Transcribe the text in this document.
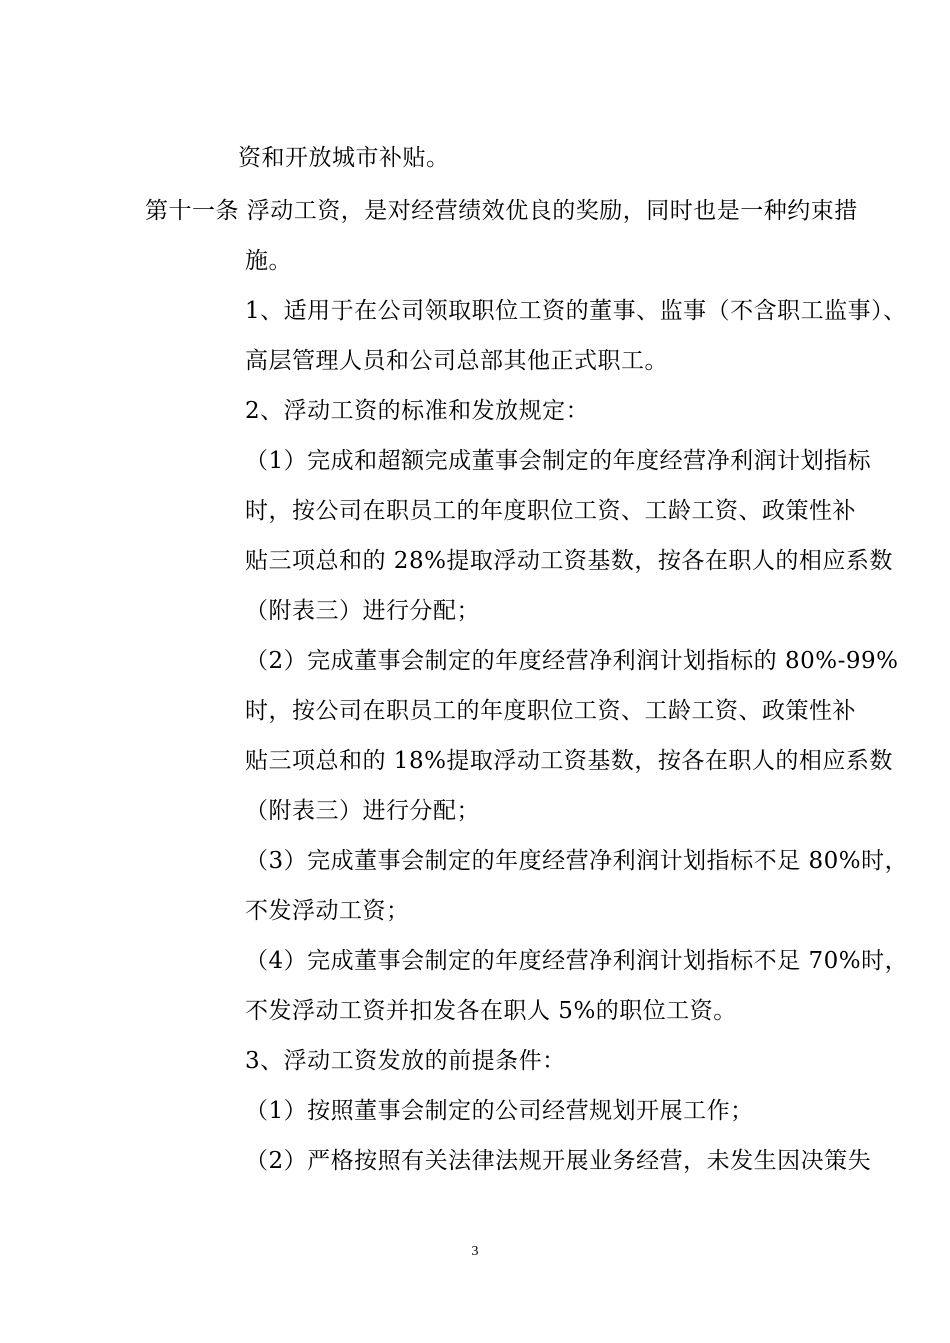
资和开放城市补贴。
第十一条 浮动工资，是对经营绩效优良的奖励，同时也是一种约束措
施。
1、适用于在公司领取职位工资的董事、监事（不含职工监事）、
高层管理人员和公司总部其他正式职工。
2、浮动工资的标准和发放规定：
（1）完成和超额完成董事会制定的年度经营净利润计划指标
时，按公司在职员工的年度职位工资、工龄工资、政策性补
贴三项总和的 28%提取浮动工资基数，按各在职人的相应系数
（附表三）进行分配；
（2）完成董事会制定的年度经营净利润计划指标的 80%-99%
时，按公司在职员工的年度职位工资、工龄工资、政策性补
贴三项总和的 18%提取浮动工资基数，按各在职人的相应系数
（附表三）进行分配；
（3）完成董事会制定的年度经营净利润计划指标不足 80%时，
不发浮动工资；
（4）完成董事会制定的年度经营净利润计划指标不足 70%时，
不发浮动工资并扣发各在职人 5%的职位工资。
3、浮动工资发放的前提条件：
（1）按照董事会制定的公司经营规划开展工作；
（2）严格按照有关法律法规开展业务经营，未发生因决策失
3
